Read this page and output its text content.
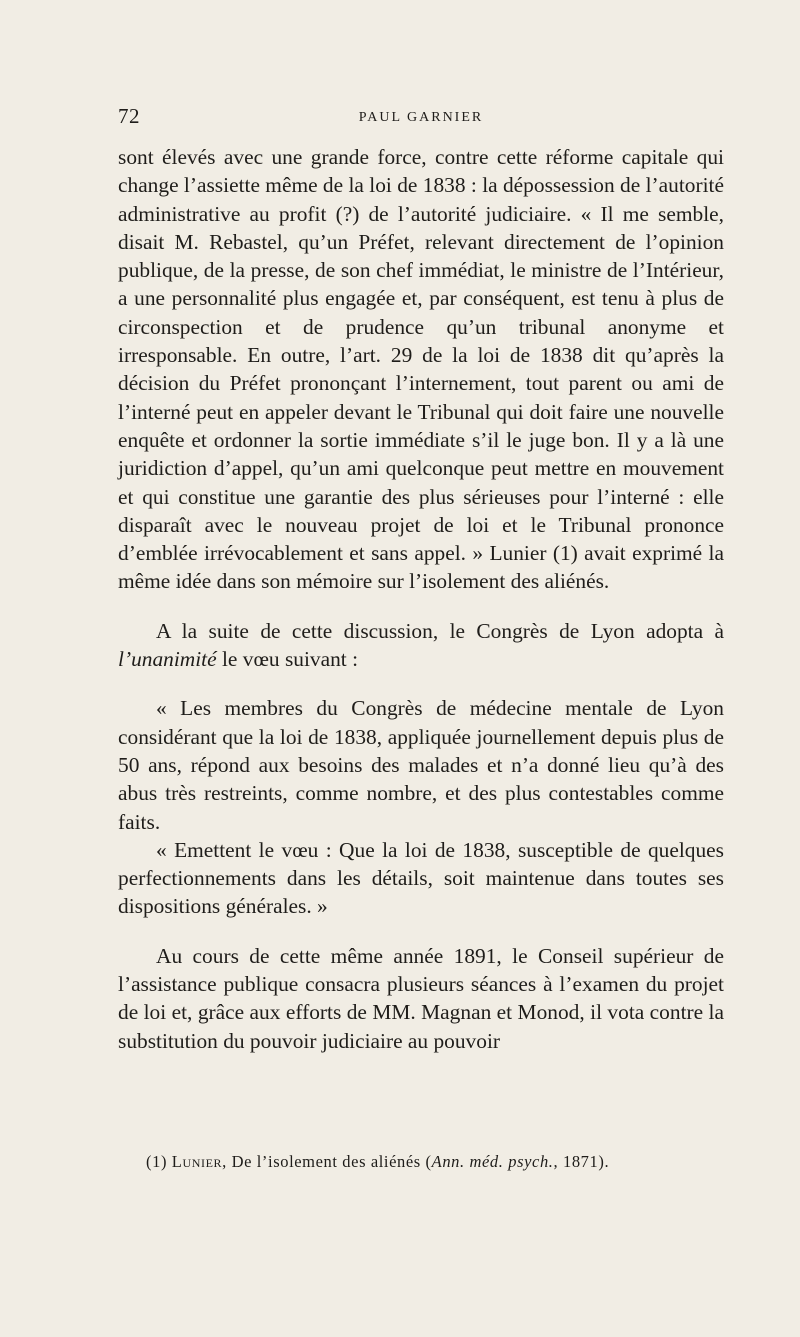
72	PAUL GARNIER

sont élevés avec une grande force, contre cette réforme capitale qui change l’assiette même de la loi de 1838 : la dépossession de l’autorité administrative au profit (?) de l’autorité judiciaire. « Il me semble, disait M. Rebastel, qu’un Préfet, relevant directement de l’opinion publique, de la presse, de son chef immédiat, le ministre de l’Intérieur, a une personnalité plus engagée et, par conséquent, est tenu à plus de circonspection et de prudence qu’un tribunal anonyme et irresponsable. En outre, l’art. 29 de la loi de 1838 dit qu’après la décision du Préfet prononçant l’internement, tout parent ou ami de l’interné peut en appeler devant le Tribunal qui doit faire une nouvelle enquête et ordonner la sortie immédiate s’il le juge bon. Il y a là une juridiction d’appel, qu’un ami quelconque peut mettre en mouvement et qui constitue une garantie des plus sérieuses pour l’interné : elle disparaît avec le nouveau projet de loi et le Tribunal prononce d’emblée irrévocablement et sans appel. » Lunier (1) avait exprimé la même idée dans son mémoire sur l’isolement des aliénés.

A la suite de cette discussion, le Congrès de Lyon adopta à l’unanimité le vœu suivant :

« Les membres du Congrès de médecine mentale de Lyon considérant que la loi de 1838, appliquée journellement depuis plus de 50 ans, répond aux besoins des malades et n’a donné lieu qu’à des abus très restreints, comme nombre, et des plus contestables comme faits.

« Emettent le vœu : Que la loi de 1838, susceptible de quelques perfectionnements dans les détails, soit maintenue dans toutes ses dispositions générales. »

Au cours de cette même année 1891, le Conseil supérieur de l’assistance publique consacra plusieurs séances à l’examen du projet de loi et, grâce aux efforts de MM. Magnan et Monod, il vota contre la substitution du pouvoir judiciaire au pouvoir

(1) Lunier, De l’isolement des aliénés (Ann. méd. psych., 1871).
